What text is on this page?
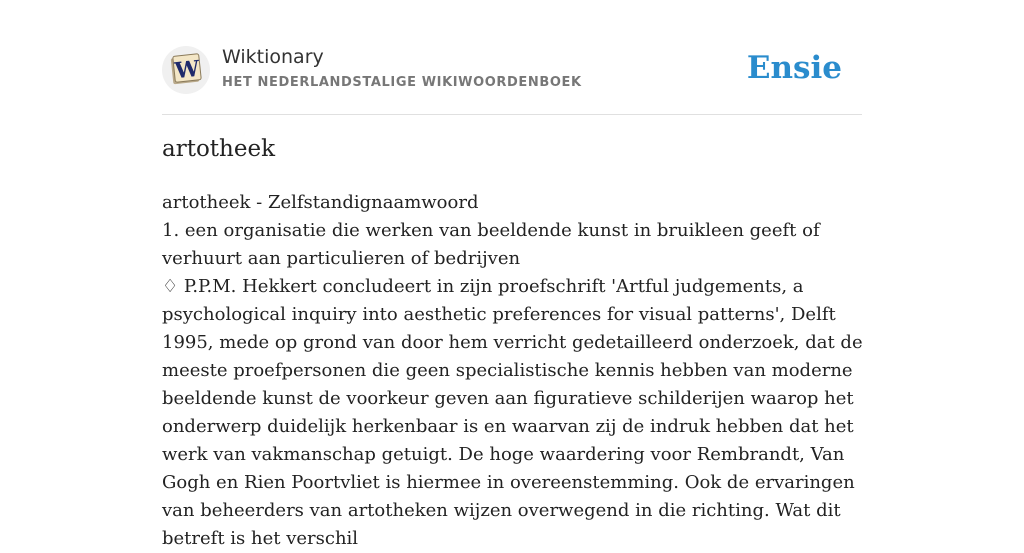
W Wiktionary
HET NEDERLANDSTALIGE WIKIWOORDENBOEK	Ensie
artotheek

artotheek - Zelfstandignaamwoord

1. een organisatie die werken van beeldende kunst in bruikleen geeft of verhuurt aan particulieren of bedrijven

♢ P.P.M. Hekkert concludeert in zijn proefschrift 'Artful judgements, a psychological inquiry into aesthetic preferences for visual patterns', Delft 1995, mede op grond van door hem verricht gedetailleerd onderzoek, dat de meeste proefpersonen die geen specialistische kennis hebben van moderne beeldende kunst de voorkeur geven aan figuratieve schilderijen waarop het onderwerp duidelijk herkenbaar is en waarvan zij de indruk hebben dat het werk van vakmanschap getuigt. De hoge waardering voor Rembrandt, Van Gogh en Rien Poortvliet is hiermee in overeenstemming. Ook de ervaringen van beheerders van artotheken wijzen overwegend in die richting. Wat dit betreft is het verschil
